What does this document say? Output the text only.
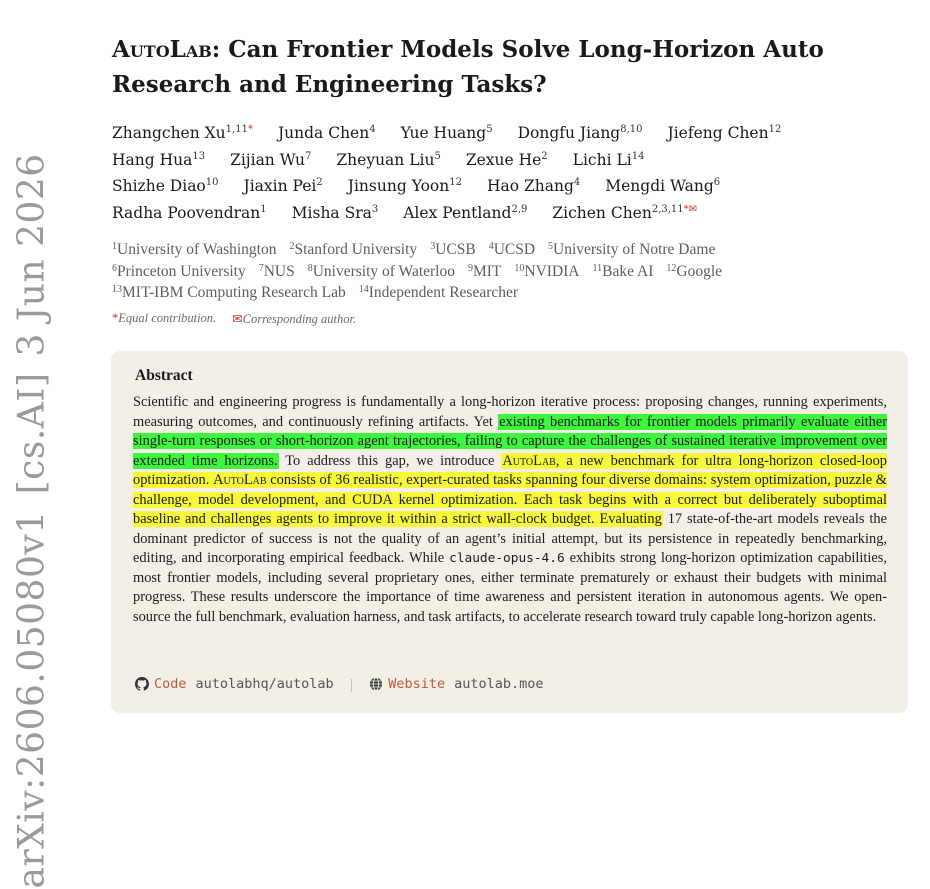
arXiv:2606.05080v1[cs.AI]3 Jun 2026
AutoLab: Can Frontier Models Solve Long-Horizon Auto
Research and Engineering Tasks?
Zhangchen $Xu^{1,11*}$ Junda Chen$^4$ Yue Huang$^5$ Dongfu Jiang$^{8,10}$ Jiefeng Chen$^{12}$
Hang Hua$^{13}$ Zijian Wu$^7$ Zheyuan Liu$^5$ Zexue He$^2$ Lichi Li$^{14}$
Shizhe Diao$^{10}$ Jiaxin Pei$^2$ Jinsung Yoon$^{12}$ Hao Zhang$^4$ Mengdi Wang$^6$
Radha Poovendran$^1$ Misha Sra$^3$ Alex Pentland$^{2,9}$ Zichen Chen$^{2,3,11*✉}$
$^1$University of Washington $^2$Stanford University $^3$UCSB $^4$UCSD $^5$University of Notre Dame
$^6$Princeton University $^7$NUS $^8$University of Waterloo $^9$MIT $^{10}$NVIDIA $^{11}$Bake AI $^{12}$Google
$^{13}$MIT-IBM Computing Research Lab $^{14}$Independent Researcher
*Equal contribution. ✉Corresponding author.
Abstract
Scientific and engineering progress is fundamentally a long-horizon iterative process: proposing changes, running experiments, measuring outcomes, and continuously refining artifacts. Yet existing benchmarks for frontier models primarily evaluate either single-turn responses or short-horizon agent trajectories, failing to capture the challenges of sustained iterative improvement over extended time horizons. To address this gap, we introduce AutoLab, a new benchmark for ultra long-horizon closed-loop optimization. AutoLab consists of 36 realistic, expert-curated tasks spanning four diverse domains: system optimization, puzzle & challenge, model development, and CUDA kernel optimization. Each task begins with a correct but deliberately suboptimal baseline and challenges agents to improve it within a strict wall-clock budget. Evaluating 17 state-of-the-art models reveals the dominant predictor of success is not the quality of an agent’s initial attempt, but its persistence in repeatedly benchmarking, editing, and incorporating empirical feedback. While claude-opus-4.6 exhibits strong long-horizon optimization capabilities, most frontier models, including several proprietary ones, either terminate prematurely or exhaust their budgets with minimal progress. These results underscore the importance of time awareness and persistent iteration in autonomous agents. We open-source the full benchmark, evaluation harness, and task artifacts, to accelerate research toward truly capable long-horizon agents.
Code autolabhq/autolab |	Website autolab.moe
